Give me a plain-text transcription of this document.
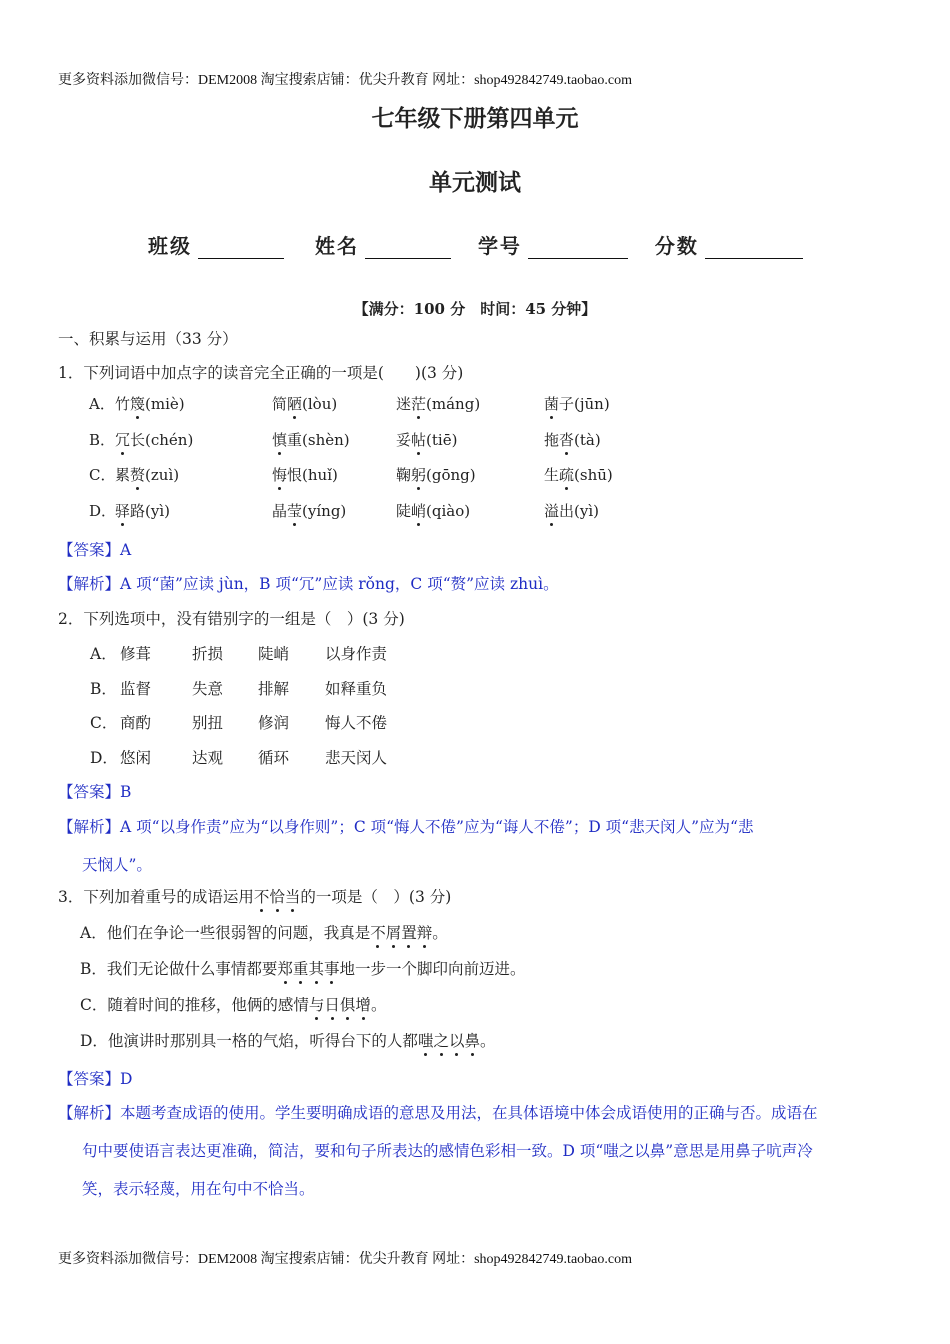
更多资料添加微信号：DEM2008 淘宝搜索店铺：优尖升教育 网址：shop492842749.taobao.com
七年级下册第四单元
单元测试
班级	姓名	学号	分数
【满分：100 分　时间：45 分钟】
一、积累与运用（33 分）
1．下列词语中加点字的读音完全正确的一项是(　　)(3 分)
A． 竹篾(miè)	简陋(lòu)	迷茫(máng)	菌子(jūn)
B． 冗长(chén)	慎重(shèn)	妥帖(tiē)	拖沓(tà)
C． 累赘(zuì)	悔恨(huǐ)	鞠躬(gōng)	生疏(shū)
D．
驿路(yì)	晶莹(yíng)	陡峭(qiào)	溢出(yì)
【答案】A
【解析】A 项“菌”应读 jùn，B 项“冗”应读 rǒng，C 项“赘”应读 zhuì。
2．下列选项中，没有错别字的一组是（　）(3 分)
A． 修葺	折损 陡峭 以身作责
B． 监督	失意 排解 如释重负
C． 商酌	别扭 修润 悔人不倦
D． 悠闲	达观 循环 悲天闵人
【答案】B
【解析】A 项“以身作责”应为“以身作则”；C 项“悔人不倦”应为“诲人不倦”；D 项“悲天闵人”应为“悲
天悯人”。
3．下列加着重号的成语运用不恰当的一项是（　）(3 分)
A．他们在争论一些很弱智的问题，我真是不屑置辩。
B．我们无论做什么事情都要郑重其事地一步一个脚印向前迈进。
C．随着时间的推移，他俩的感情与日俱增。
D．他演讲时那别具一格的气焰，听得台下的人都嗤之以鼻。
【答案】D
【解析】本题考查成语的使用。学生要明确成语的意思及用法，在具体语境中体会成语使用的正确与否。成语在
句中要使语言表达更准确，简洁，要和句子所表达的感情色彩相一致。D 项“嗤之以鼻”意思是用鼻子吭声冷
笑，表示轻蔑，用在句中不恰当。
更多资料添加微信号：DEM2008 淘宝搜索店铺：优尖升教育 网址：shop492842749.taobao.com
